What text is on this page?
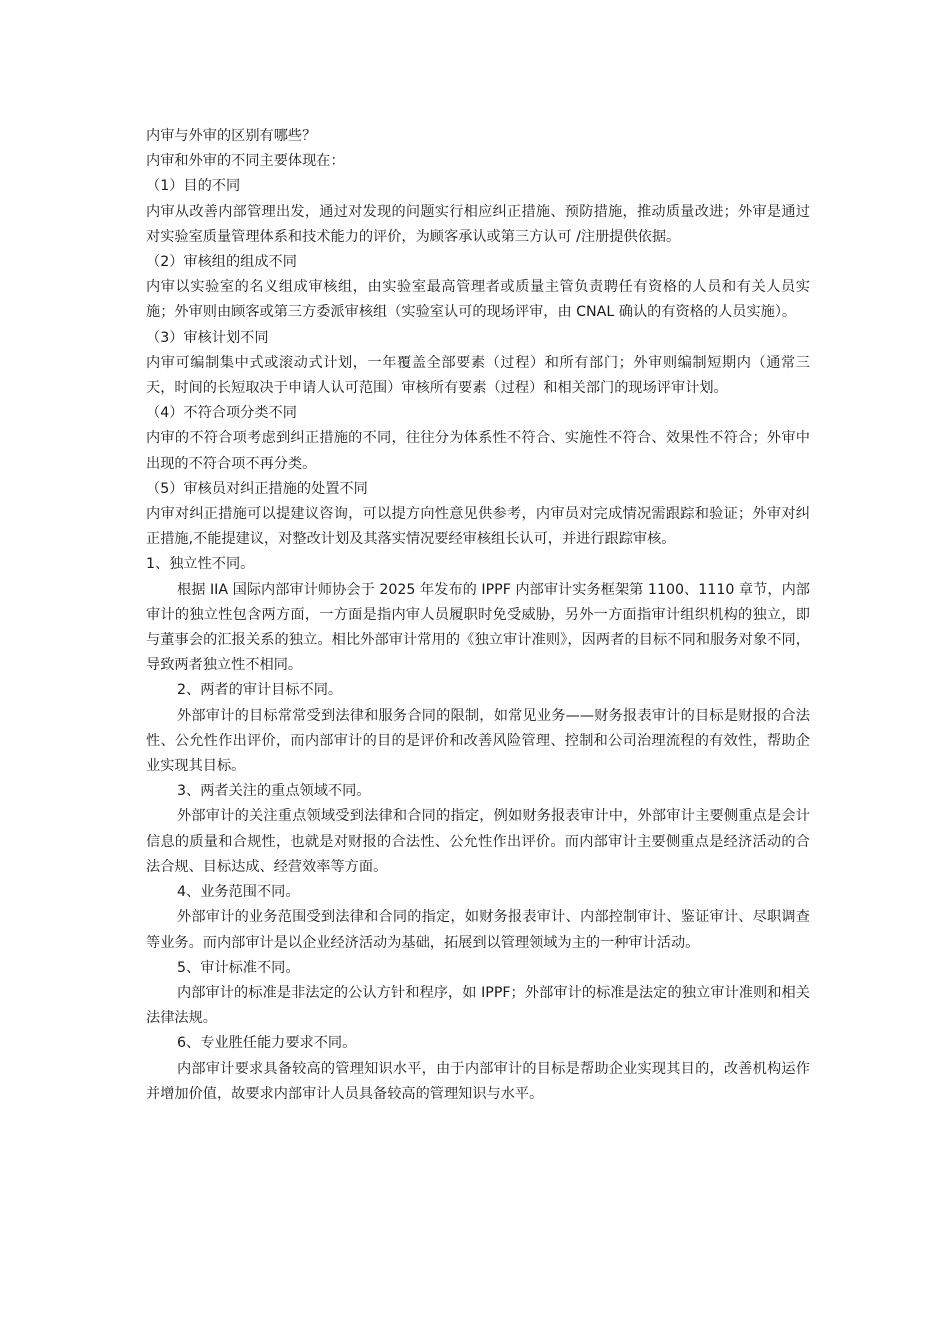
内审与外审的区别有哪些？

内审和外审的不同主要体现在：

（1）目的不同

内审从改善内部管理出发，通过对发现的问题实行相应纠正措施、预防措施，推动质量改进；外审是通过对实验室质量管理体系和技术能力的评价，为顾客承认或第三方认可 /注册提供依据。

（2）审核组的组成不同

内审以实验室的名义组成审核组，由实验室最高管理者或质量主管负责聘任有资格的人员和有关人员实施；外审则由顾客或第三方委派审核组（实验室认可的现场评审，由 CNAL 确认的有资格的人员实施）。

（3）审核计划不同

内审可编制集中式或滚动式计划，一年覆盖全部要素（过程）和所有部门；外审则编制短期内（通常三天，时间的长短取决于申请人认可范围）审核所有要素（过程）和相关部门的现场评审计划。

（4）不符合项分类不同

内审的不符合项考虑到纠正措施的不同，往往分为体系性不符合、实施性不符合、效果性不符合；外审中出现的不符合项不再分类。

（5）审核员对纠正措施的处置不同

内审对纠正措施可以提建议咨询，可以提方向性意见供参考，内审员对完成情况需跟踪和验证；外审对纠正措施,不能提建议，对整改计划及其落实情况要经审核组长认可，并进行跟踪审核。

1、独立性不同。

根据 IIA 国际内部审计师协会于 2025 年发布的 IPPF 内部审计实务框架第 1100、1110 章节，内部审计的独立性包含两方面，一方面是指内审人员履职时免受威胁，另外一方面指审计组织机构的独立，即与董事会的汇报关系的独立。相比外部审计常用的《独立审计准则》，因两者的目标不同和服务对象不同，导致两者独立性不相同。

2、两者的审计目标不同。

外部审计的目标常常受到法律和服务合同的限制，如常见业务——财务报表审计的目标是财报的合法性、公允性作出评价，而内部审计的目的是评价和改善风险管理、控制和公司治理流程的有效性，帮助企业实现其目标。

3、两者关注的重点领域不同。

外部审计的关注重点领域受到法律和合同的指定，例如财务报表审计中，外部审计主要侧重点是会计信息的质量和合规性，也就是对财报的合法性、公允性作出评价。而内部审计主要侧重点是经济活动的合法合规、目标达成、经营效率等方面。

4、业务范围不同。

外部审计的业务范围受到法律和合同的指定，如财务报表审计、内部控制审计、鉴证审计、尽职调查等业务。而内部审计是以企业经济活动为基础，拓展到以管理领域为主的一种审计活动。

5、审计标准不同。

内部审计的标准是非法定的公认方针和程序，如 IPPF；外部审计的标准是法定的独立审计准则和相关法律法规。

6、专业胜任能力要求不同。

内部审计要求具备较高的管理知识水平，由于内部审计的目标是帮助企业实现其目的，改善机构运作并增加价值，故要求内部审计人员具备较高的管理知识与水平。
